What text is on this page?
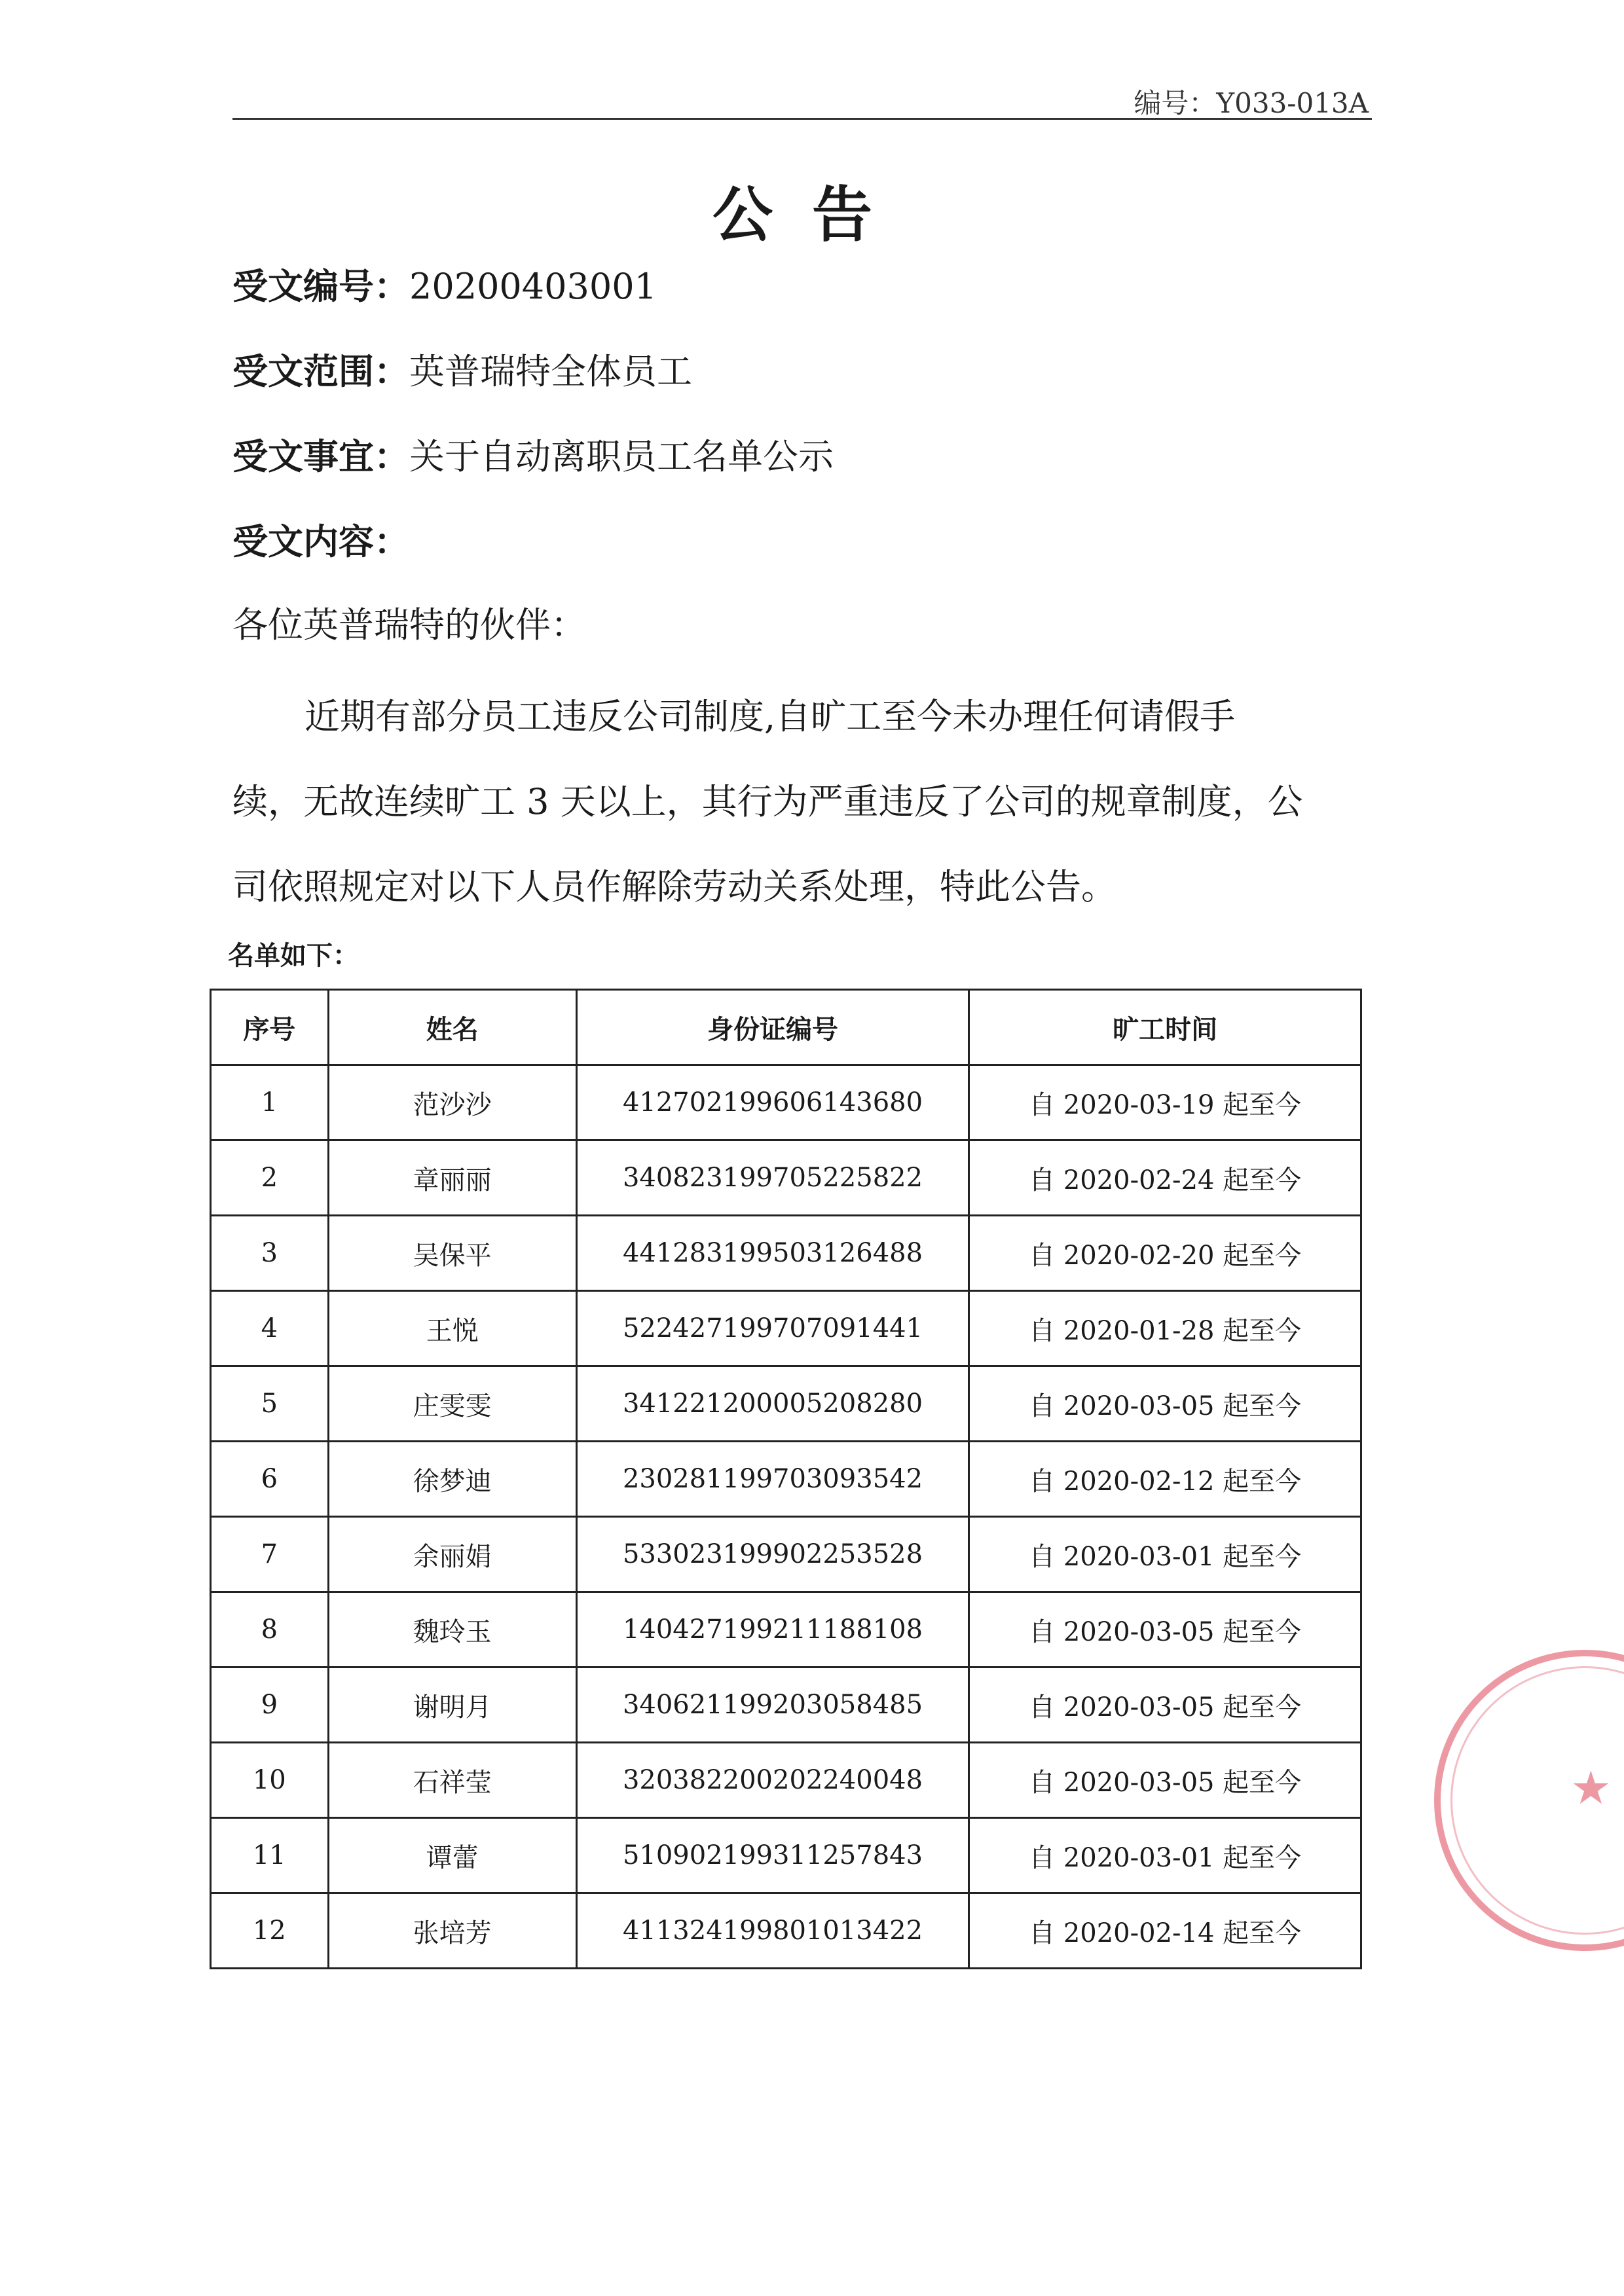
编号：Y033-013A
公告
受文编号：20200403001
受文范围：英普瑞特全体员工
受文事宜：关于自动离职员工名单公示
受文内容：
各位英普瑞特的伙伴：
近期有部分员工违反公司制度,自旷工至今未办理任何请假手
续，无故连续旷工 3 天以上，其行为严重违反了公司的规章制度，公
司依照规定对以下人员作解除劳动关系处理，特此公告。
名单如下：
序号	姓名	身份证编号	旷工时间
1	范沙沙	412702199606143680	自 2020-03-19 起至今
2	章丽丽	340823199705225822	自 2020-02-24 起至今
3	吴保平	441283199503126488	自 2020-02-20 起至今
4	王悦	522427199707091441	自 2020-01-28 起至今
5	庄雯雯	341221200005208280	自 2020-03-05 起至今
6	徐梦迪	230281199703093542	自 2020-02-12 起至今
7	余丽娟	533023199902253528	自 2020-03-01 起至今
8	魏玲玉	140427199211188108	自 2020-03-05 起至今
9	谢明月	340621199203058485	自 2020-03-05 起至今
10	石祥莹	320382200202240048	自 2020-03-05 起至今
11	谭蕾	510902199311257843	自 2020-03-01 起至今
12	张培芳	411324199801013422	自 2020-02-14 起至今
★
